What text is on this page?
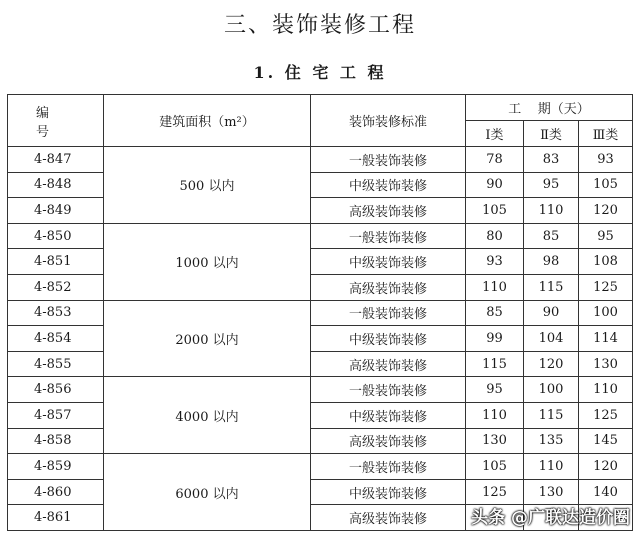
三、装饰装修工程
1. 住 宅 工 程
编 号	建筑面积（m²）	装饰装修标准	工    期（天）		
			Ⅰ类	Ⅱ类	Ⅲ类
4-847	500 以内	一般装饰装修	78	83	93
4-848		中级装饰装修	90	95	105
4-849		高级装饰装修	105	110	120
4-850	1000 以内	一般装饰装修	80	85	95
4-851		中级装饰装修	93	98	108
4-852		高级装饰装修	110	115	125
4-853	2000 以内	一般装饰装修	85	90	100
4-854		中级装饰装修	99	104	114
4-855		高级装饰装修	115	120	130
4-856	4000 以内	一般装饰装修	95	100	110
4-857		中级装饰装修	110	115	125
4-858		高级装饰装修	130	135	145
4-859	6000 以内	一般装饰装修	105	110	120
4-860		中级装饰装修	125	130	140
4-861		高级装饰装修				头条 @广联达造价圈
